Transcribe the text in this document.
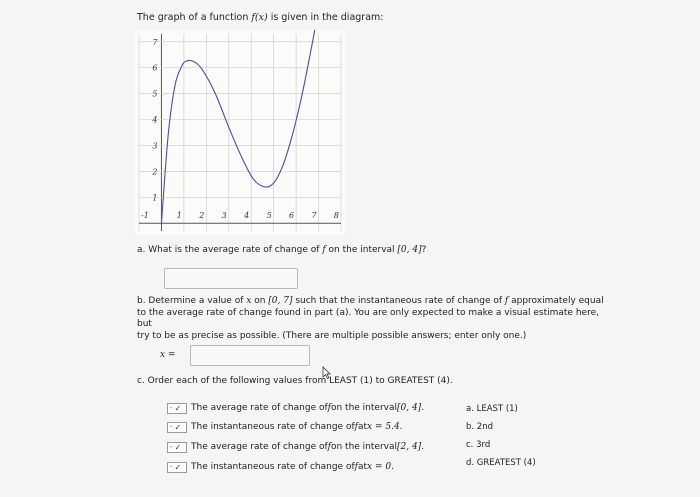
The graph of a function f(x) is given in the diagram:
7
6
5
4
3
2
1
-1	1 2 3 4 5 6 7 8
a. What is the average rate of change of f on the interval [0, 4]?
b. Determine a value of x on [0, 7] such that the instantaneous rate of change of f approximately equal
to the average rate of change found in part (a). You are only expected to make a visual estimate here, but
try to be as precise as possible. (There are multiple possible answers; enter only one.)
x =
c. Order each of the following values from LEAST (1) to GREATEST (4).
- ✓ The average rate of change of f on the interval [0, 4].
- ✓ The instantaneous rate of change of f at x = 5.4.
- ✓ The average rate of change of f on the interval [2, 4].
- ✓ The instantaneous rate of change of f at x = 0.
a. LEAST (1)
b. 2nd
c. 3rd
d. GREATEST (4)
